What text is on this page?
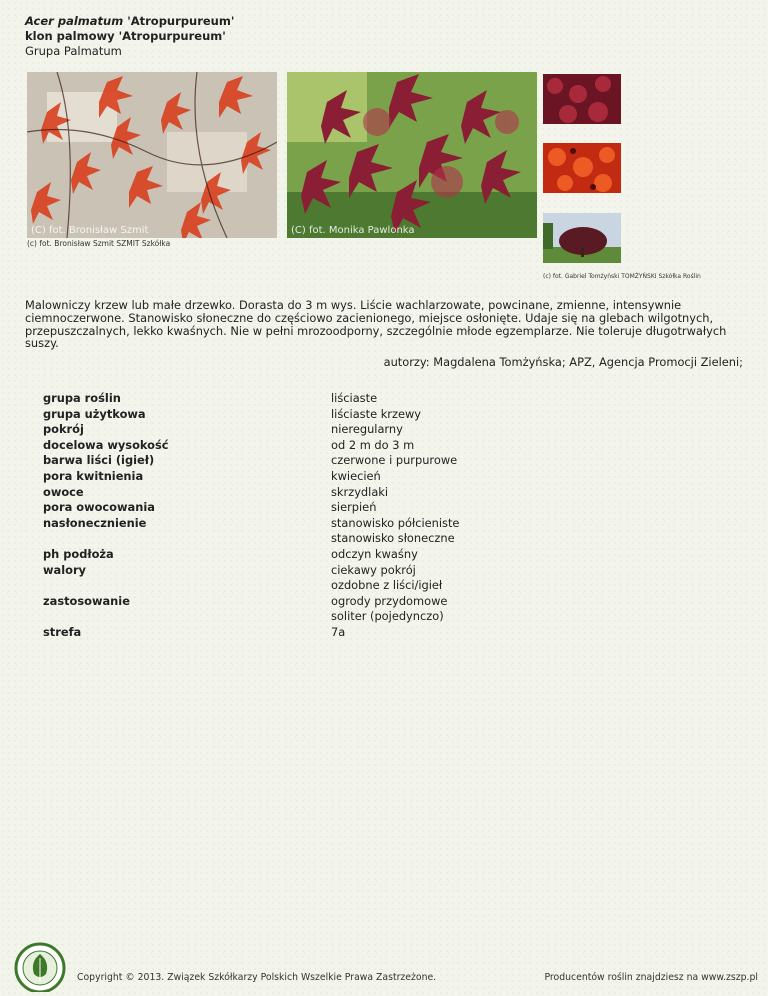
Acer palmatum 'Atropurpureum'
klon palmowy 'Atropurpureum'
Grupa Palmatum
(C) fot. Bronisław Szmit
(c) fot. Bronisław Szmit SZMIT Szkółka
(C) fot. Monika Pawlonka
(c) fot. Gabriel Tomżyński TOMŻYŃSKI Szkółka Roślin
Malowniczy krzew lub małe drzewko. Dorasta do 3 m wys. Liście wachlarzowate, powcinane, zmienne, intensywnie ciemnoczerwone. Stanowisko słoneczne do częściowo zacienionego, miejsce osłonięte. Udaje się na glebach wilgotnych, przepuszczalnych, lekko kwaśnych. Nie w pełni mrozoodporny, szczególnie młode egzemplarze. Nie toleruje długotrwałych suszy.
autorzy: Magdalena Tomżyńska; APZ, Agencja Promocji Zieleni;
grupa roślin	liściaste
grupa użytkowa	liściaste krzewy
pokrój	nieregularny
docelowa wysokość	od 2 m do 3 m
barwa liści (igieł)	czerwone i purpurowe
pora kwitnienia	kwiecień
owoce	skrzydlaki
pora owocowania	sierpień
nasłonecznienie	stanowisko półcieniste
stanowisko słoneczne
ph podłoża	odczyn kwaśny
walory	ciekawy pokrój
ozdobne z liści/igieł
zastosowanie	ogrody przydomowe
soliter (pojedynczo)
strefa	7a
Copyright © 2013. Związek Szkółkarzy Polskich Wszelkie Prawa Zastrzeżone.	Producentów roślin znajdziesz na www.zszp.pl
